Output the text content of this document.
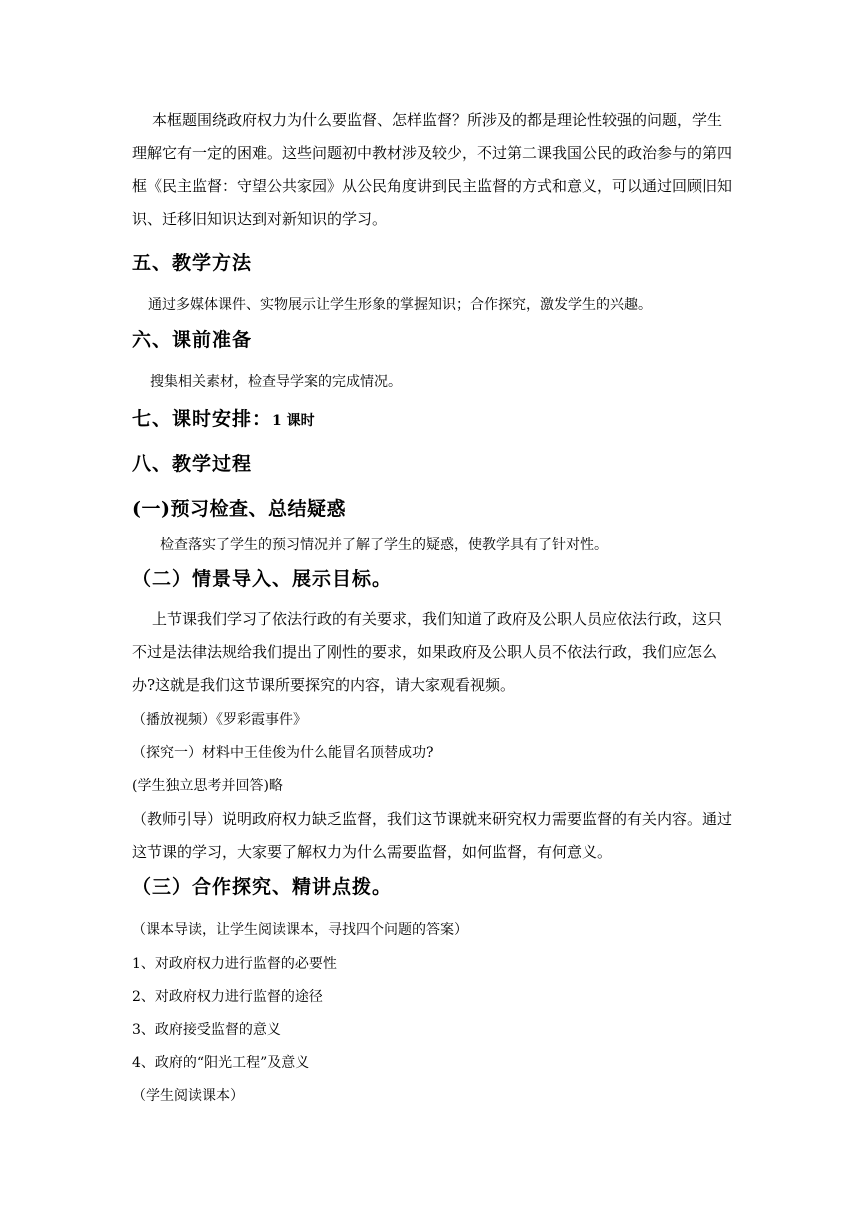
本框题围绕政府权力为什么要监督、怎样监督？所涉及的都是理论性较强的问题，学生理解它有一定的困难。这些问题初中教材涉及较少，不过第二课我国公民的政治参与的第四框《民主监督：守望公共家园》从公民角度讲到民主监督的方式和意义，可以通过回顾旧知识、迁移旧知识达到对新知识的学习。

五、教学方法

通过多媒体课件、实物展示让学生形象的掌握知识；合作探究，激发学生的兴趣。

六、课前准备

搜集相关素材，检查导学案的完成情况。

七、课时安排：1 课时
八、教学过程
(一)预习检查、总结疑惑

检查落实了学生的预习情况并了解了学生的疑惑，使教学具有了针对性。

（二）情景导入、展示目标。

上节课我们学习了依法行政的有关要求，我们知道了政府及公职人员应依法行政，这只不过是法律法规给我们提出了刚性的要求，如果政府及公职人员不依法行政，我们应怎么办?这就是我们这节课所要探究的内容，请大家观看视频。

（播放视频）《罗彩霞事件》

（探究一）材料中王佳俊为什么能冒名顶替成功?

(学生独立思考并回答)略

（教师引导）说明政府权力缺乏监督，我们这节课就来研究权力需要监督的有关内容。通过这节课的学习，大家要了解权力为什么需要监督，如何监督，有何意义。

（三）合作探究、精讲点拨。

（课本导读，让学生阅读课本，寻找四个问题的答案）

1、对政府权力进行监督的必要性

2、对政府权力进行监督的途径

3、政府接受监督的意义

4、政府的“阳光工程”及意义

（学生阅读课本）
